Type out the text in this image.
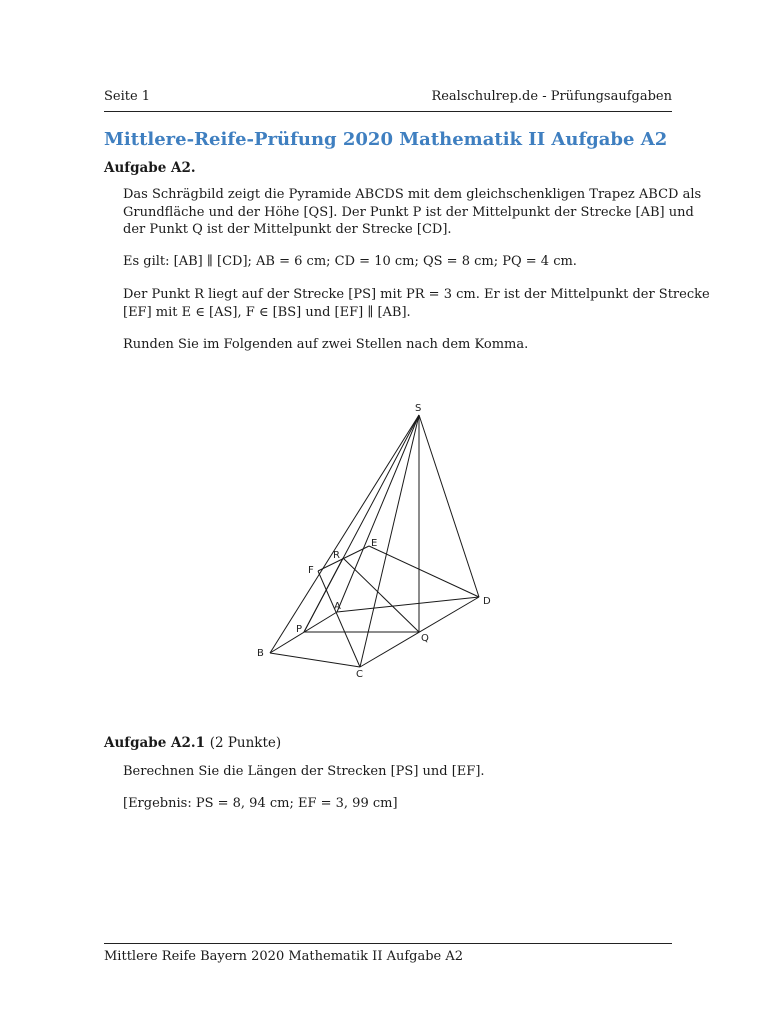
Seite 1	Realschulrep.de - Prüfungsaufgaben
Mittlere-Reife-Prüfung 2020 Mathematik II Aufgabe A2
Aufgabe A2.
Das Schrägbild zeigt die Pyramide ABCDS mit dem gleichschenkligen Trapez ABCD als
Grundfläche und der Höhe [QS]. Der Punkt P ist der Mittelpunkt der Strecke [AB] und
der Punkt Q ist der Mittelpunkt der Strecke [CD].
Es gilt: [AB] ∥ [CD]; AB = 6 cm; CD = 10 cm; QS = 8 cm; PQ = 4 cm.
Der Punkt R liegt auf der Strecke [PS] mit PR = 3 cm. Er ist der Mittelpunkt der Strecke
[EF] mit E ∈ [AS], F ∈ [BS] und [EF] ∥ [AB].
Runden Sie im Folgenden auf zwei Stellen nach dem Komma.
S
E
R
F
A	D
P
Q
B
C
Aufgabe A2.1 (2 Punkte)
Berechnen Sie die Längen der Strecken [PS] und [EF].
[Ergebnis: PS = 8, 94 cm; EF = 3, 99 cm]
Mittlere Reife Bayern 2020 Mathematik II Aufgabe A2
